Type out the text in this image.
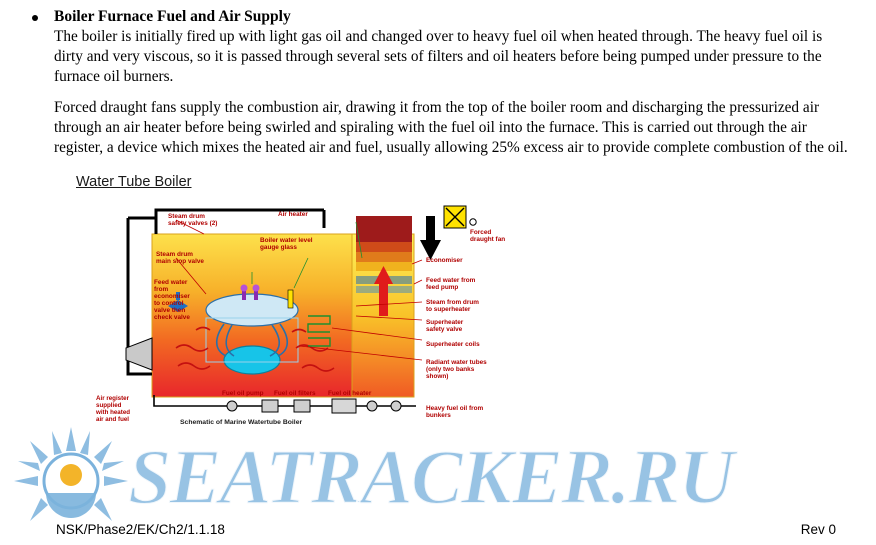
Boiler Furnace Fuel and Air Supply

The boiler is initially fired up with light gas oil and changed over to heavy fuel oil when heated through. The heavy fuel oil is dirty and very viscous, so it is passed through several sets of filters and oil heaters before being pumped under pressure to the furnace oil burners.

Forced draught fans supply the combustion air, drawing it from the top of the boiler room and discharging the pressurized air through an air heater before being swirled and spiraling with the fuel oil into the furnace. This is carried out through the air register, a device which mixes the heated air and fuel, usually allowing 25% excess air to provide complete combustion of the oil.

Water Tube Boiler
Steam drum safety valves (2)
Air heater
Boiler water level gauge glass
Forced draught fan
Steam drum main stop valve	Economiser
Feed water from economiser to control valve then check valve
Feed water from feed pump
Steam from drum to superheater
Superheater safety valve
Superheater coils
Radiant water tubes (only two banks shown)
Fuel oil pump Fuel oil filters Fuel oil heater
Heavy fuel oil from bunkers
Air register supplied with heated air and fuel	Schematic of Marine Watertube Boiler
SEATRACKER.RU
NSK/Phase2/EK/Ch2/1.1.18	Rev 0
